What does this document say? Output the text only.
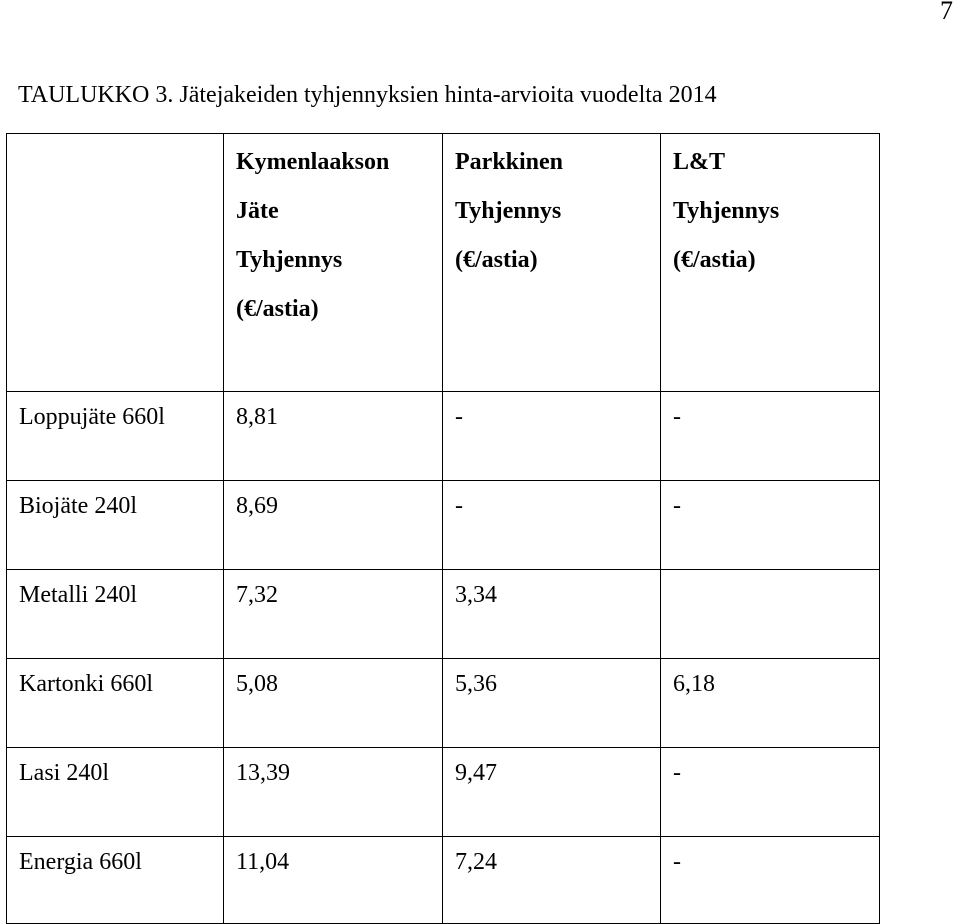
7
TAULUKKO 3. Jätejakeiden tyhjennyksien hinta-arvioita vuodelta 2014

	Kymenlaakson
Jäte
Tyhjennys
(€/astia)	Parkkinen
Tyhjennys
(€/astia)	L&T
Tyhjennys
(€/astia)

Loppujäte 660l	8,81	-	-
Biojäte 240l	8,69	-	-
Metalli 240l	7,32	3,34	
Kartonki 660l	5,08	5,36	6,18
Lasi 240l	13,39	9,47	-
Energia 660l	11,04	7,24	-
